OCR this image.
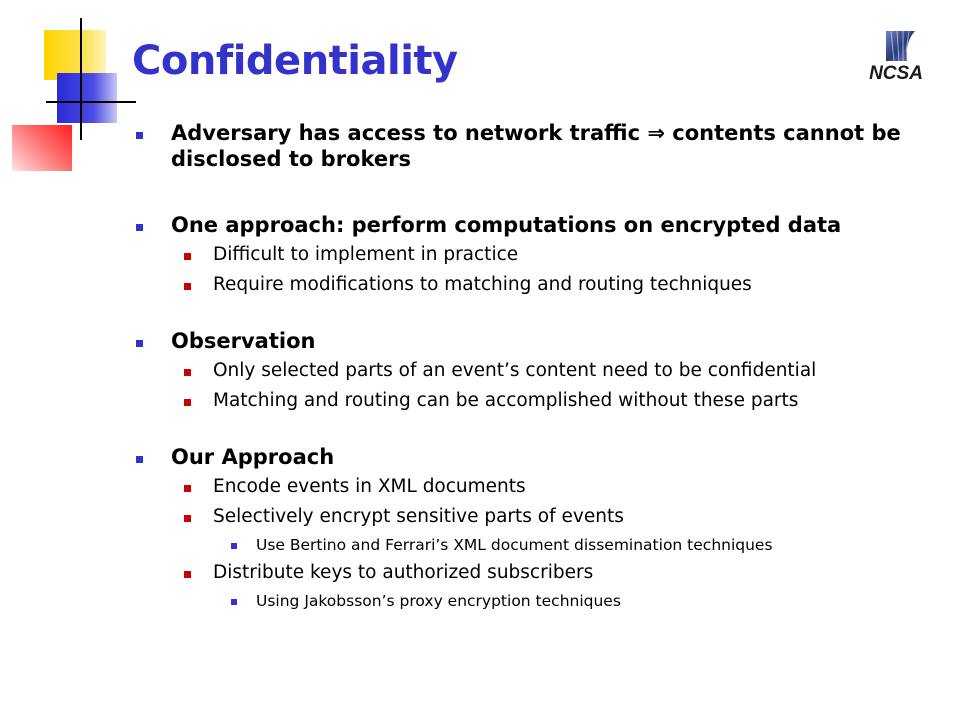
Confidentiality	NCSA
Adversary has access to network traffic ⇒ contents cannot be disclosed to brokers
One approach: perform computations on encrypted data
Difficult to implement in practice
Require modifications to matching and routing techniques
Observation
Only selected parts of an event’s content need to be confidential
Matching and routing can be accomplished without these parts
Our Approach
Encode events in XML documents
Selectively encrypt sensitive parts of events
Use Bertino and Ferrari’s XML document dissemination techniques
Distribute keys to authorized subscribers
Using Jakobsson’s proxy encryption techniques
